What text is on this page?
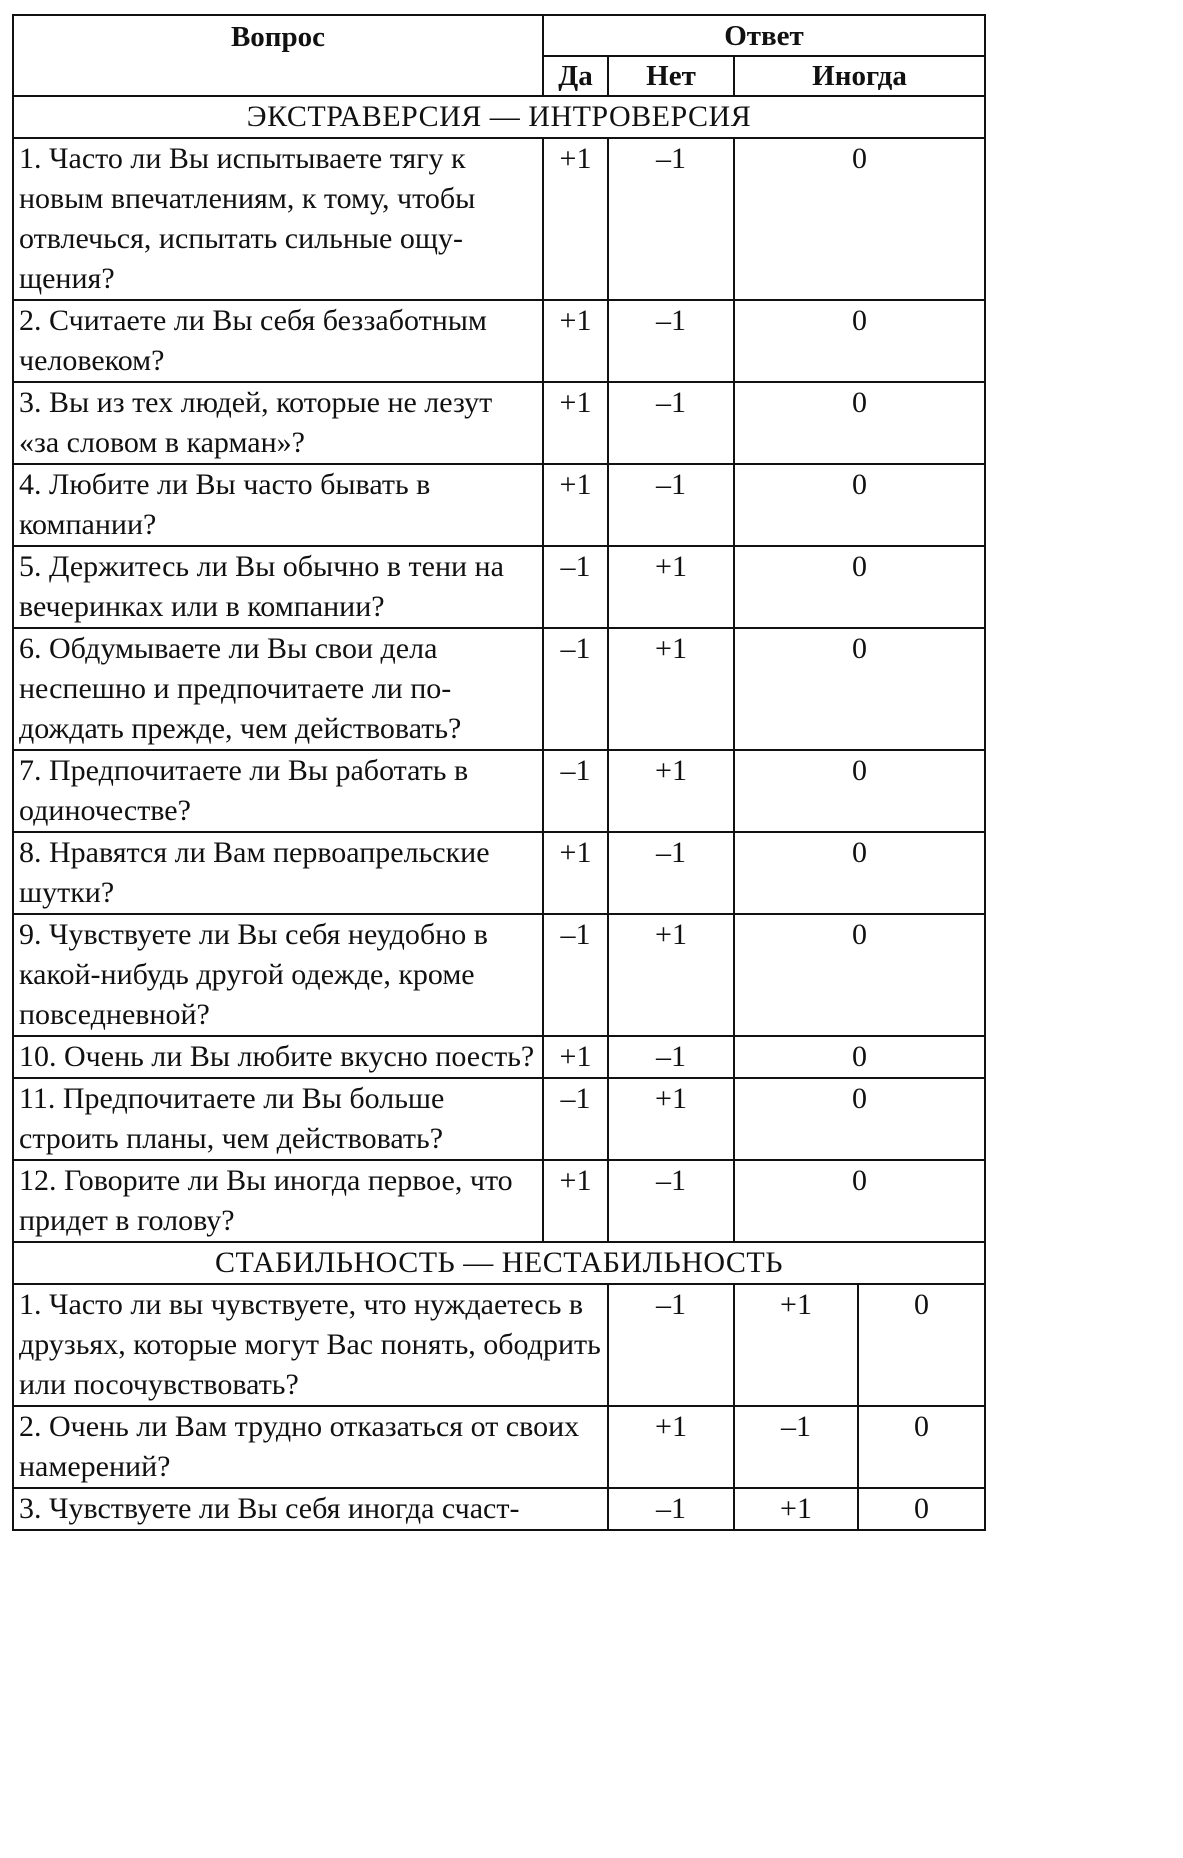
Вопрос	Ответ			
	Да	Нет	Иногда	
ЭКСТРАВЕРСИЯ — ИНТРОВЕРСИЯ				
1. Часто ли Вы испытываете тягу к новым впечатлениям, к тому, чтобы отвлечься, испытать сильные ощущения?	+1	–1	0	
2. Считаете ли Вы себя беззаботным человеком?	+1	–1	0	
3. Вы из тех людей, которые не лезут «за словом в карман»?	+1	–1	0	
4. Любите ли Вы часто бывать в компании?	+1	–1	0	
5. Держитесь ли Вы обычно в тени на вечеринках или в компании?	–1	+1	0	
6. Обдумываете ли Вы свои дела неспешно и предпочитаете ли подождать прежде, чем действовать?	–1	+1	0	
7. Предпочитаете ли Вы работать в одиночестве?	–1	+1	0	
8. Нравятся ли Вам первоапрельские шутки?	+1	–1	0	
9. Чувствуете ли Вы себя неудобно в какой-нибудь другой одежде, кроме повседневной?	–1	+1	0	
10. Очень ли Вы любите вкусно поесть?	+1	–1	0	
11. Предпочитаете ли Вы больше строить планы, чем действовать?	–1	+1	0	
12. Говорите ли Вы иногда первое, что придет в голову?	+1	–1	0	
СТАБИЛЬНОСТЬ — НЕСТАБИЛЬНОСТЬ				
1. Часто ли вы чувствуете, что нуждаетесь в друзьях, которые могут Вас понять, ободрить или посочувствовать?		–1	+1	0
2. Очень ли Вам трудно отказаться от своих намерений?		+1	–1	0
3. Чувствуете ли Вы себя иногда счаст-		–1	+1	0
